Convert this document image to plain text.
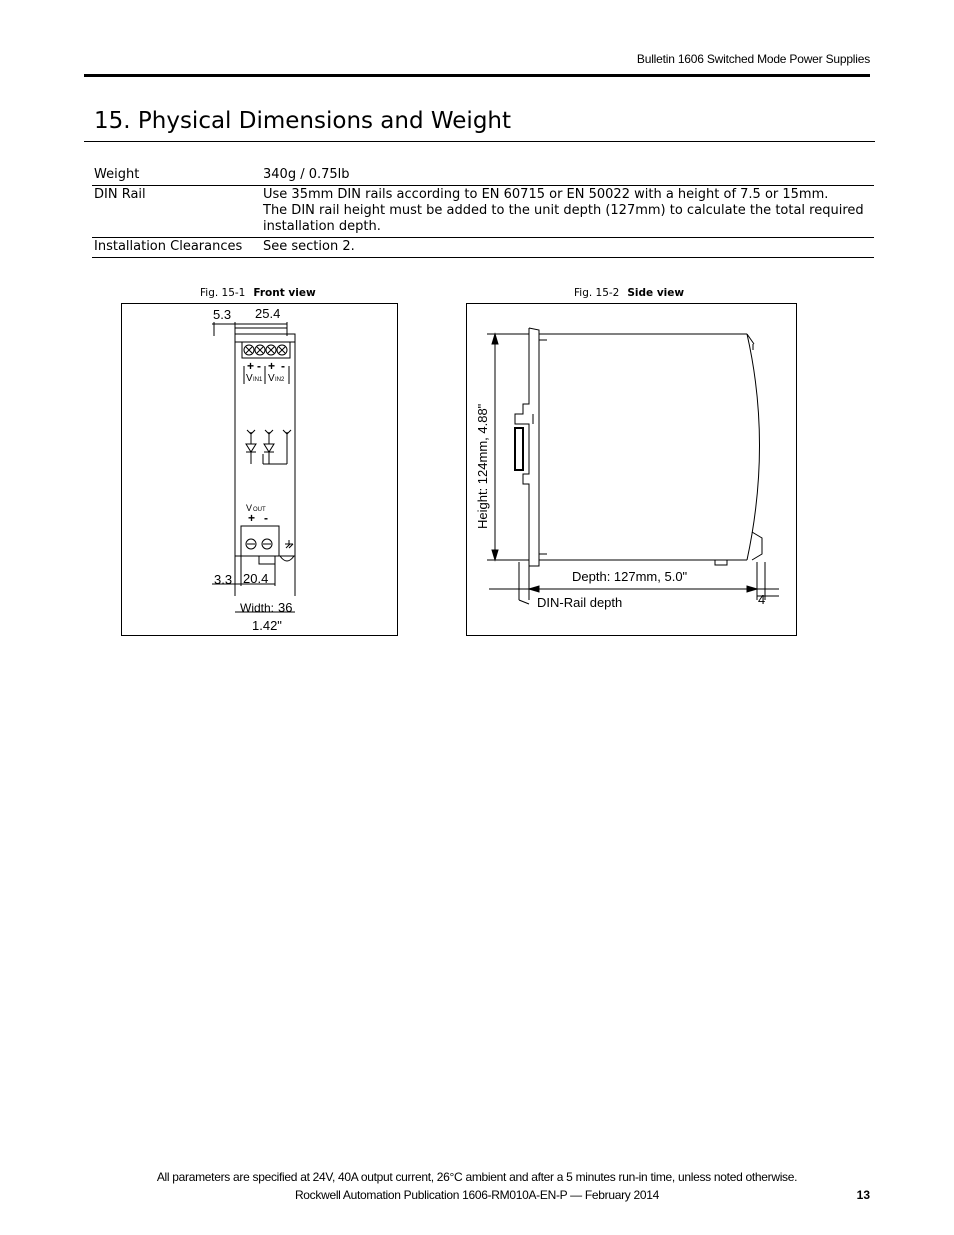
Bulletin 1606 Switched Mode Power Supplies
15. Physical Dimensions and Weight
Weight	340g / 0.75lb
DIN Rail	Use 35mm DIN rails according to EN 60715 or EN 50022 with a height of 7.5 or 15mm.
The DIN rail height must be added to the unit depth (127mm) to calculate the total required installation depth.

Installation Clearances	See section 2.
Fig. 15-1 Front view	Fig. 15-2 Side view
5.3 25.4
3.3 20.4
Width: 36
1.42"
+ - + -
+ -
V IN1 V IN2
V OUT	Height: 124mm, 4.88"
Depth: 127mm, 5.0"
DIN-Rail depth	4
All parameters are specified at 24V, 40A output current, 26°C ambient and after a 5 minutes run-in time, unless noted otherwise.
Rockwell Automation Publication 1606-RM010A-EN-P — February 2014	13
